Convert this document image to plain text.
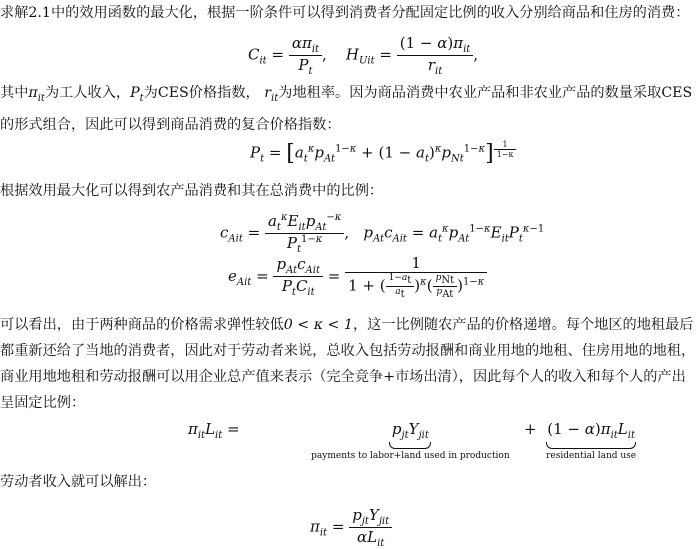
求解2.1中的效用函数的最大化，根据一阶条件可以得到消费者分配固定比例的收入分别给商品和住房的消费：
$C_{it} = \frac{\alpha\pi_{it}}{P_t}$ ,    $H_{Uit} = \frac{(1 - \alpha)\pi_{it}}{r_{it}}$ ,
其中$\pi_{it}$为工人收入，$P_t$为CES价格指数， $r_{it}$为地租率。因为商品消费中农业产品和非农业产品的数量采取CES的形式组合，因此可以得到商品消费的复合价格指数：
$P_t = [a_t^\kappa p_{At}^{1-\kappa} + (1 - a_t)^\kappa p_{Nt}^{1-\kappa}]$ $^{\frac{1}{1-\kappa}}$
根据效用最大化可以得到农产品消费和其在总消费中的比例：
$c_{Ait} = \frac{a_t^\kappa E_{it}p_{At}^{-\kappa}}{P_t^{1-\kappa}}$ ,   $p_{At}c_{Ait} = a_t^\kappa p_{At}^{1-\kappa}E_{it}P_t^{\kappa-1}$
$e_{Ait} = \frac{p_{At}c_{Ait}}{P_tC_{it}} = \frac{1}{1 + ( \frac{1-a_t}{a_t} )^\kappa( \frac{p_{Nt}}{p_{At}} )^{1-\kappa}}$
可以看出，由于两种商品的价格需求弹性较低0 < κ < 1，这一比例随农产品的价格递增。每个地区的地租最后都重新还给了当地的消费者，因此对于劳动者来说，总收入包括劳动报酬和商业用地的地租、住房用地的地租，商业用地地租和劳动报酬可以用企业总产值来表示（完全竞争+市场出清），因此每个人的收入和每个人的产出呈固定比例：
$\pi_{it}L_{it}$ =	$p_{jt}Y_{jit}$
payments to labor+land used in production
+  $(1 - \alpha)\pi_{it}L_{it}$
residential land use
劳动者收入就可以解出：
$\pi_{it} = \frac{p_{jt}Y_{jit}}{\alpha L_{it}}$
